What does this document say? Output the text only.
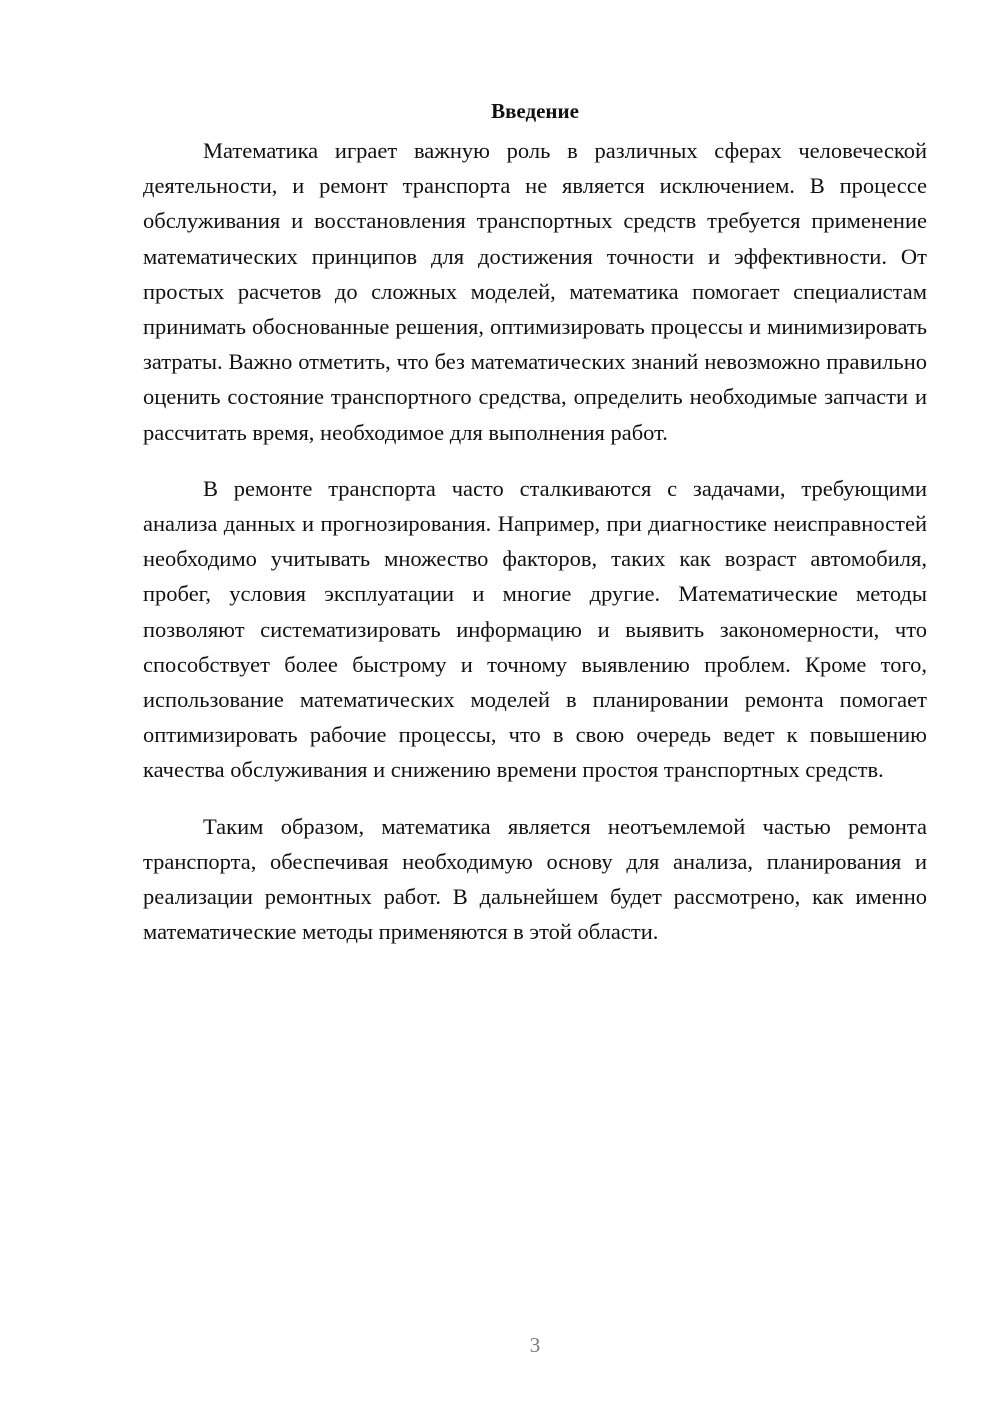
Введение

Математика играет важную роль в различных сферах человеческой деятельности, и ремонт транспорта не является исключением. В процессе обслуживания и восстановления транспортных средств требуется применение математических принципов для достижения точности и эффективности. От простых расчетов до сложных моделей, математика помогает специалистам принимать обоснованные решения, оптимизировать процессы и минимизировать затраты. Важно отметить, что без математических знаний невозможно правильно оценить состояние транспортного средства, определить необходимые запчасти и рассчитать время, необходимое для выполнения работ.

В ремонте транспорта часто сталкиваются с задачами, требующими анализа данных и прогнозирования. Например, при диагностике неисправностей необходимо учитывать множество факторов, таких как возраст автомобиля, пробег, условия эксплуатации и многие другие. Математические методы позволяют систематизировать информацию и выявить закономерности, что способствует более быстрому и точному выявлению проблем. Кроме того, использование математических моделей в планировании ремонта помогает оптимизировать рабочие процессы, что в свою очередь ведет к повышению качества обслуживания и снижению времени простоя транспортных средств.

Таким образом, математика является неотъемлемой частью ремонта транспорта, обеспечивая необходимую основу для анализа, планирования и реализации ремонтных работ. В дальнейшем будет рассмотрено, как именно математические методы применяются в этой области.

3
